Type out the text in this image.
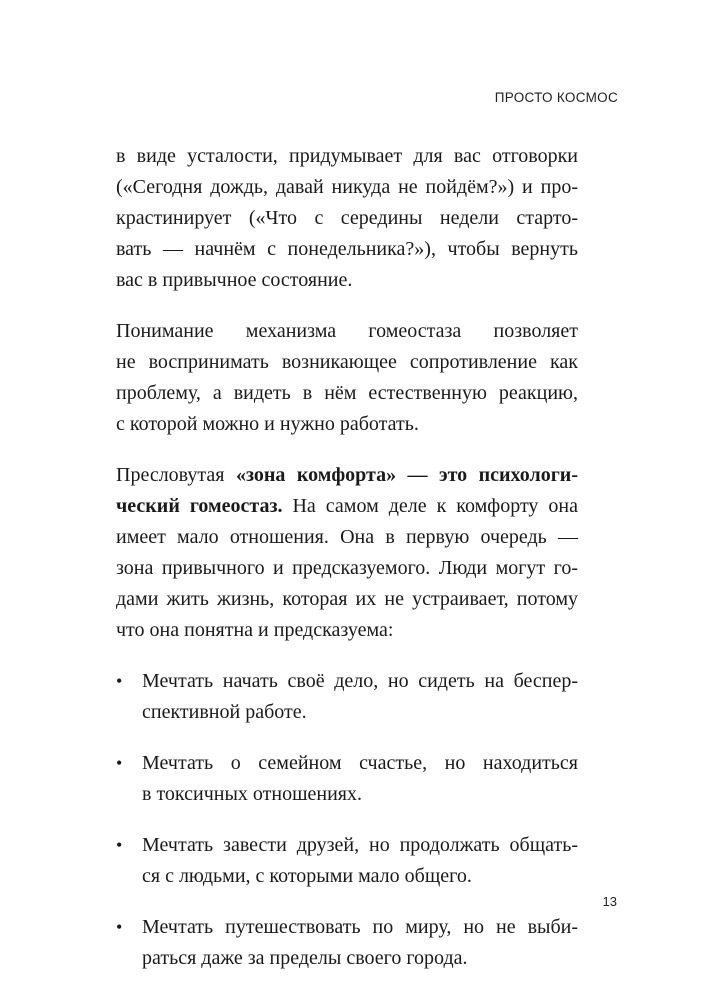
ПРОСТО КОСМОС
в виде усталости, придумывает для вас отговорки
(«Сегодня дождь, давай никуда не пойдём?») и про-
крастинирует («Что с середины недели старто-
вать — начнём с понедельника?»), чтобы вернуть
вас в привычное состояние.
Понимание механизма гомеостаза позволяет
не воспринимать возникающее сопротивление как
проблему, а видеть в нём естественную реакцию,
с которой можно и нужно работать.
Пресловутая «зона комфорта» — это психологи-
ческий гомеостаз. На самом деле к комфорту она
имеет мало отношения. Она в первую очередь —
зона привычного и предсказуемого. Люди могут го-
дами жить жизнь, которая их не устраивает, потому
что она понятна и предсказуема:
• Мечтать начать своё дело, но сидеть на беспер-
спективной работе.
• Мечтать о семейном счастье, но находиться
в токсичных отношениях.
• Мечтать завести друзей, но продолжать общать-
ся с людьми, с которыми мало общего.
• Мечтать путешествовать по миру, но не выби-
раться даже за пределы своего города.
13
